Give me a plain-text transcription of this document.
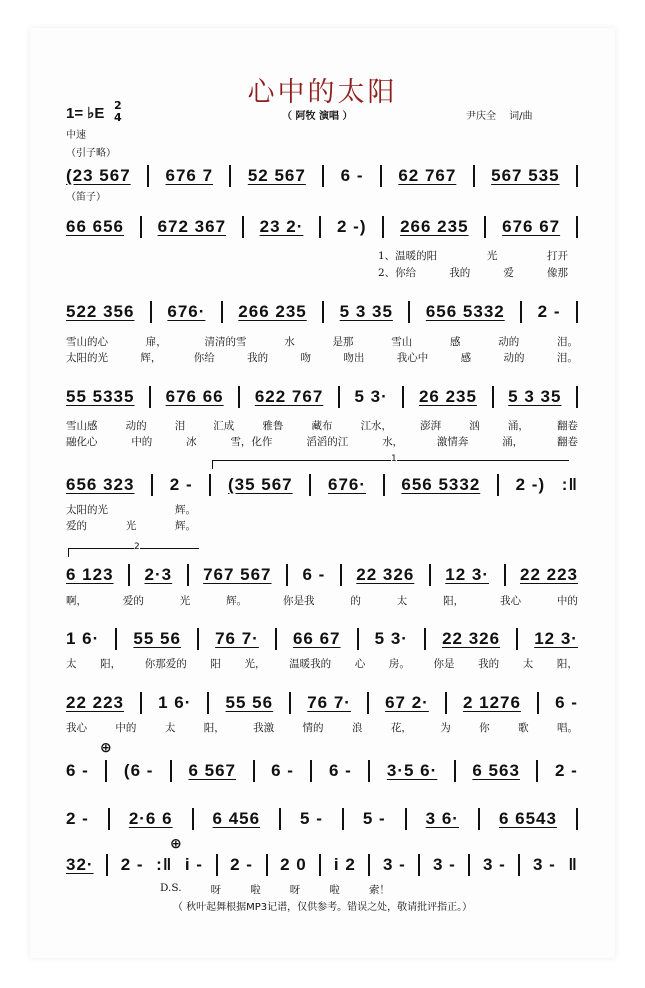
心中的太阳
（ 阿牧 演唱 ）	尹庆全　 词/曲
1= ♭E 2
4
中速
（引子略）
（笛子）
(23 567 676 7 52 567 6 - 62 767 567 535
66 656 672 367 23 2· 2 -) 266 235 676 67
1、温暖的阳	光	打开
2、你给	我的	爱	像那
522 356 676· 266 235 5 3 35 656 5332 2 -
雪山的心	扉，	清清的雪	水	是那	雪山	感	动的	泪。
太阳的光	辉，	你给	我的	吻	吻出	我心中	感	动的	泪。
55 5335 676 66 622 767 5 3· 26 235 5 3 35
雪山感	动的	泪	汇成	雅鲁	藏布	江水，	澎湃	汹	涌，	翻卷
融化心	中的	冰	雪，化作	滔滔的江	水，	激情奔	涌，	翻卷
1
656 323 2 - (35 567 676· 656 5332 2 -) :‖
太阳的光	辉。
爱的	光	辉。
2
6 123 2·3 767 567 6 - 22 326 12 3· 22 223
啊，	爱的	光	辉。	你是我	的	太	阳，	我心	中的
1 6· 55 56 76 7· 66 67 5 3· 22 326 12 3·
太 阳， 你那爱的 阳 光， 温暖我的 心 房。 你是 我的 太 阳，
22 223 1 6· 55 56 76 7· 67 2· 2 1276 6 -
我心	中的	太	阳，	我激	情的	浪	花，	为	你	歌	唱。
⊕
6 - (6 - 6 567 6 - 6 - 3·5 6· 6 563 2 -
2 - 2·6 6 6 456 5 - 5 - 3 6· 6 6543
⊕
32· 2 - :‖ i - 2 - 2 0 i 2 3 - 3 - 3 - 3 - ‖
D.S.	呀	啦	呀	啦	索！
（ 秋叶起舞根据MP3记谱，仅供参考。错误之处，敬请批评指正。）
